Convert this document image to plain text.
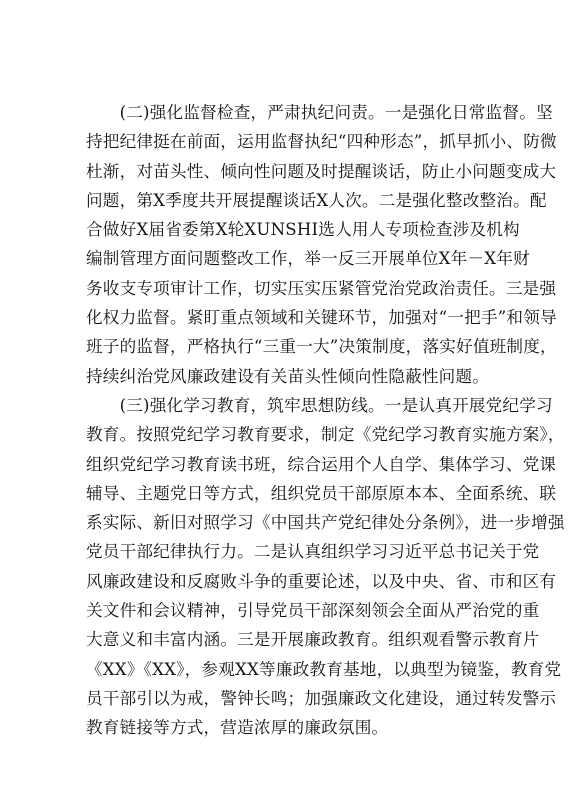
　　(二)强化监督检查，严肃执纪问责。一是强化日常监督。坚
持把纪律挺在前面，运用监督执纪“四种形态”，抓早抓小、防微
杜渐，对苗头性、倾向性问题及时提醒谈话，防止小问题变成大
问题，第X季度共开展提醒谈话X人次。二是强化整改整治。配
合做好X届省委第X轮XUNSHI选人用人专项检查涉及机构
编制管理方面问题整改工作，举一反三开展单位X年－X年财
务收支专项审计工作，切实压实压紧管党治党政治责任。三是强
化权力监督。紧盯重点领域和关键环节，加强对“一把手”和领导
班子的监督，严格执行“三重一大”决策制度，落实好值班制度，
持续纠治党风廉政建设有关苗头性倾向性隐蔽性问题。
　　(三)强化学习教育，筑牢思想防线。一是认真开展党纪学习
教育。按照党纪学习教育要求，制定《党纪学习教育实施方案》，
组织党纪学习教育读书班，综合运用个人自学、集体学习、党课
辅导、主题党日等方式，组织党员干部原原本本、全面系统、联
系实际、新旧对照学习《中国共产党纪律处分条例》，进一步增强
党员干部纪律执行力。二是认真组织学习习近平总书记关于党
风廉政建设和反腐败斗争的重要论述，以及中央、省、市和区有
关文件和会议精神，引导党员干部深刻领会全面从严治党的重
大意义和丰富内涵。三是开展廉政教育。组织观看警示教育片
《XX》《XX》，参观XX等廉政教育基地，以典型为镜鉴，教育党
员干部引以为戒，警钟长鸣；加强廉政文化建设，通过转发警示
教育链接等方式，营造浓厚的廉政氛围。
